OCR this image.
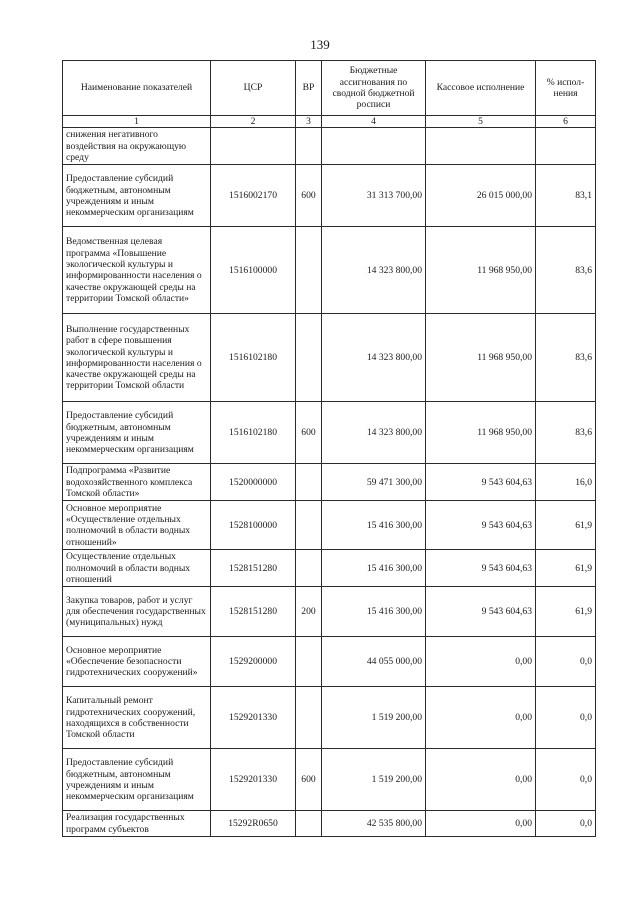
139
Наименование показателей	ЦСР	ВР	Бюджетные ассигнования по сводной бюджетной росписи	Кассовое исполнение	% испол-нения
1	2	3	4	5	6
снижения негативного воздействия на окружающую среду					
Предоставление субсидий бюджетным, автономным учреждениям и иным некоммерческим организациям	1516002170	600	31 313 700,00	26 015 000,00	83,1
Ведомственная целевая программа «Повышение экологической культуры и информированности населения о качестве окружающей среды на территории Томской области»	1516100000		14 323 800,00	11 968 950,00	83,6
Выполнение государственных работ в сфере повышения экологической культуры и информированности населения о качестве окружающей среды на территории Томской области	1516102180		14 323 800,00	11 968 950,00	83,6
Предоставление субсидий бюджетным, автономным учреждениям и иным некоммерческим организациям	1516102180	600	14 323 800,00	11 968 950,00	83,6
Подпрограмма «Развитие водохозяйственного комплекса Томской области»	1520000000		59 471 300,00	9 543 604,63	16,0
Основное мероприятие «Осуществление отдельных полномочий в области водных отношений»	1528100000		15 416 300,00	9 543 604,63	61,9
Осуществление отдельных полномочий в области водных отношений	1528151280		15 416 300,00	9 543 604,63	61,9
Закупка товаров, работ и услуг для обеспечения государственных (муниципальных) нужд	1528151280	200	15 416 300,00	9 543 604,63	61,9
Основное мероприятие «Обеспечение безопасности гидротехнических сооружений»	1529200000		44 055 000,00	0,00	0,0
Капитальный ремонт гидротехнических сооружений, находящихся в собственности Томской области	1529201330		1 519 200,00	0,00	0,0
Предоставление субсидий бюджетным, автономным учреждениям и иным некоммерческим организациям	1529201330	600	1 519 200,00	0,00	0,0
Реализация государственных программ субъектов	15292R0650		42 535 800,00	0,00	0,0
